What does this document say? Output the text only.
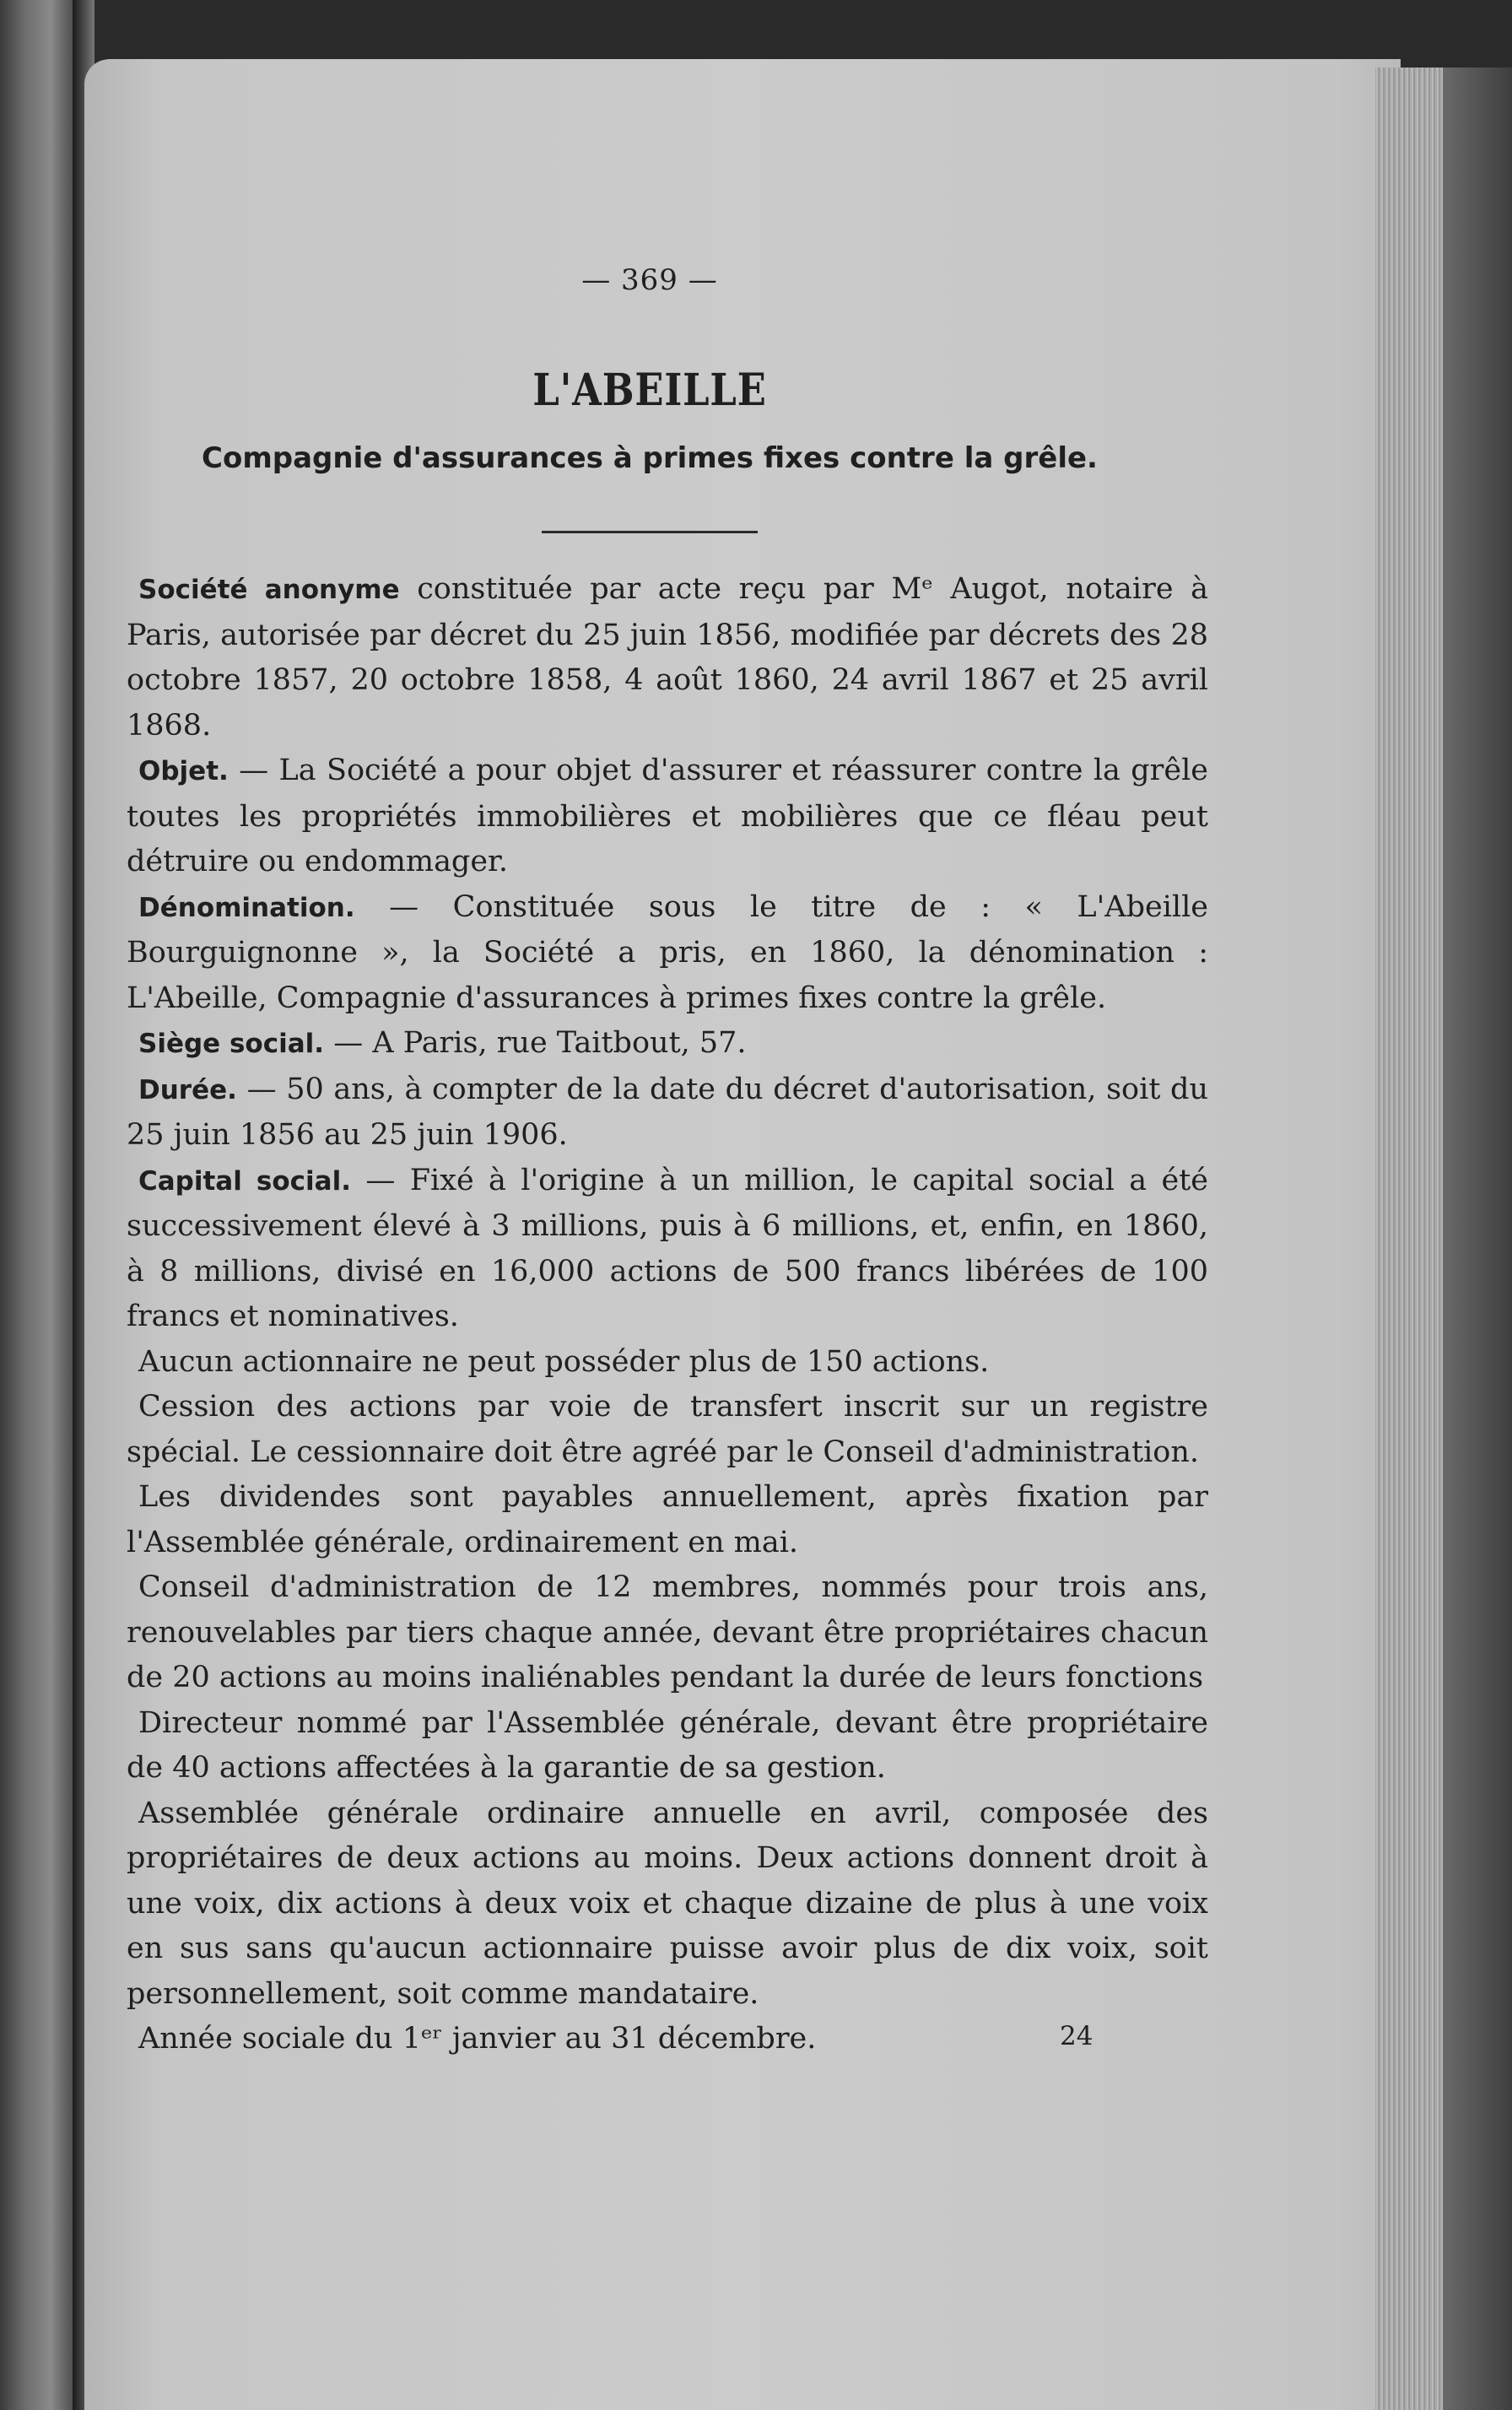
— 369 —
L'ABEILLE
Compagnie d'assurances à primes fixes contre la grêle.

Société anonyme constituée par acte reçu par Mᵉ Augot, notaire à Paris, autorisée par décret du 25 juin 1856, modifiée par décrets des 28 octobre 1857, 20 octobre 1858, 4 août 1860, 24 avril 1867 et 25 avril 1868.

Objet. — La Société a pour objet d'assurer et réassurer contre la grêle toutes les propriétés immobilières et mobilières que ce fléau peut détruire ou endommager.

Dénomination. — Constituée sous le titre de : « L'Abeille Bourguignonne », la Société a pris, en 1860, la dénomination : L'Abeille, Compagnie d'assurances à primes fixes contre la grêle.

Siège social. — A Paris, rue Taitbout, 57.

Durée. — 50 ans, à compter de la date du décret d'autorisation, soit du 25 juin 1856 au 25 juin 1906.

Capital social. — Fixé à l'origine à un million, le capital social a été successivement élevé à 3 millions, puis à 6 millions, et, enfin, en 1860, à 8 millions, divisé en 16,000 actions de 500 francs libérées de 100 francs et nominatives.

Aucun actionnaire ne peut posséder plus de 150 actions.

Cession des actions par voie de transfert inscrit sur un registre spécial. Le cessionnaire doit être agréé par le Conseil d'administration.

Les dividendes sont payables annuellement, après fixation par l'Assemblée générale, ordinairement en mai.

Conseil d'administration de 12 membres, nommés pour trois ans, renouvelables par tiers chaque année, devant être propriétaires chacun de 20 actions au moins inaliénables pendant la durée de leurs fonctions

Directeur nommé par l'Assemblée générale, devant être propriétaire de 40 actions affectées à la garantie de sa gestion.

Assemblée générale ordinaire annuelle en avril, composée des propriétaires de deux actions au moins. Deux actions donnent droit à une voix, dix actions à deux voix et chaque dizaine de plus à une voix en sus sans qu'aucun actionnaire puisse avoir plus de dix voix, soit personnellement, soit comme mandataire.

Année sociale du 1ᵉʳ janvier au 31 décembre.	24
